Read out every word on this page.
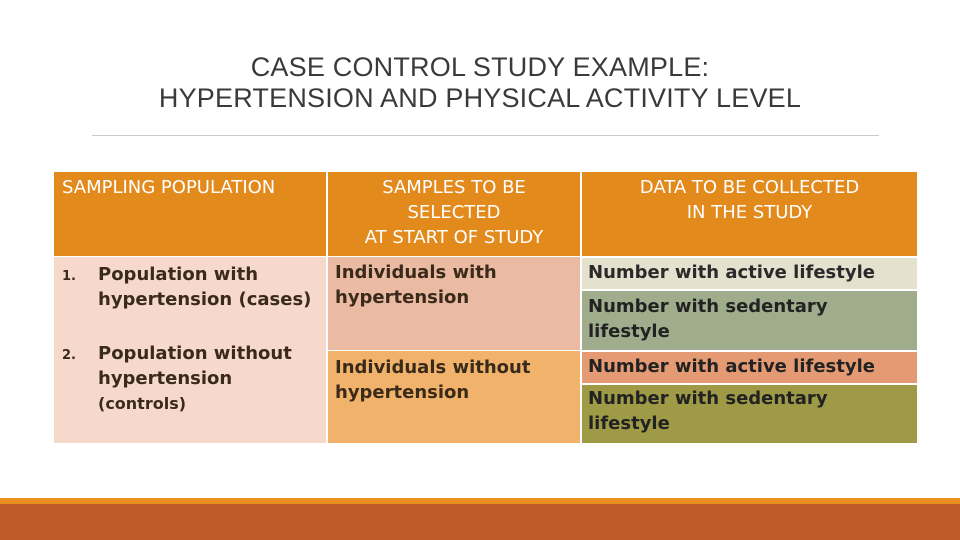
CASE CONTROL STUDY EXAMPLE:
HYPERTENSION AND PHYSICAL ACTIVITY LEVEL
SAMPLING POPULATION	SAMPLES TO BE
SELECTED
AT START OF STUDY
DATA TO BE COLLECTED
IN THE STUDY
1. Population with
hypertension (cases)
2. Population without
hypertension
(controls)
Individuals with
hypertension
Individuals without
hypertension
Number with active lifestyle
Number with sedentary
lifestyle
Number with active lifestyle
Number with sedentary
lifestyle
